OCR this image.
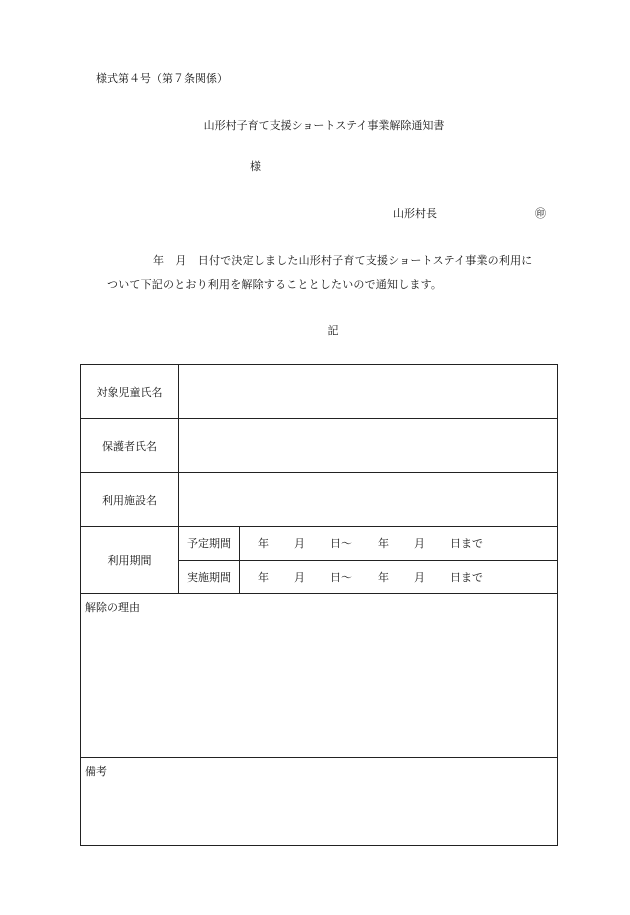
様式第４号（第７条関係）
山形村子育て支援ショートステイ事業解除通知書
様
山形村長	㊞
年　月　日付で決定しました山形村子育て支援ショートステイ事業の利用に
ついて下記のとおり利用を解除することとしたいので通知します。
記
対象児童氏名
保護者氏名
利用施設名
利用期間
予定期間	年 月 日～ 年 月 日まで
実施期間	年 月 日～ 年 月 日まで
解除の理由
備考
